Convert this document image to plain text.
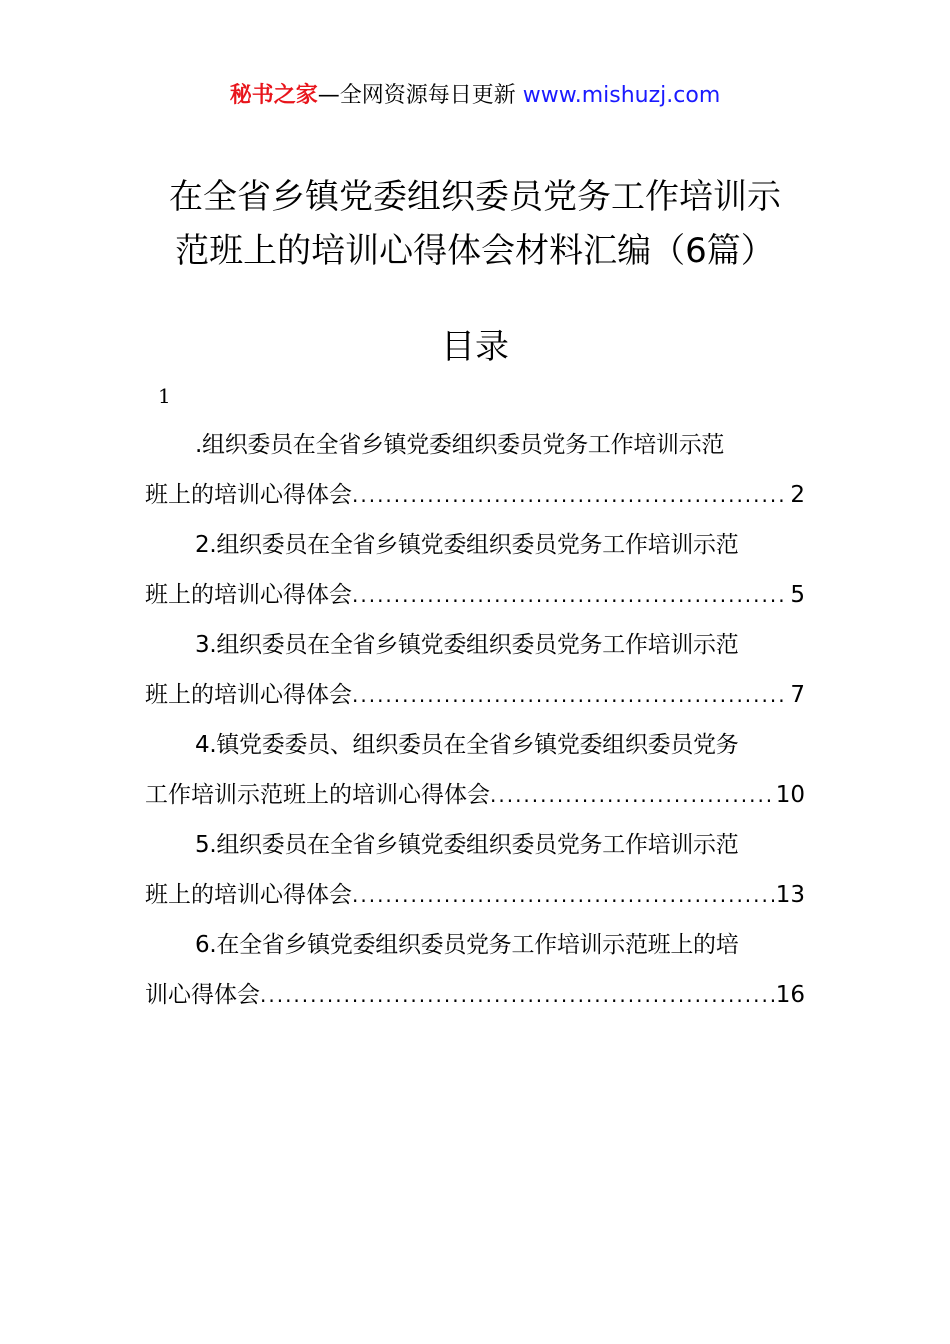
秘书之家—全网资源每日更新 www.mishuzj.com
在全省乡镇党委组织委员党务工作培训示
范班上的培训心得体会材料汇编（6篇）
目录
1
.组织委员在全省乡镇党委组织委员党务工作培训示范
班上的培训心得体会 .....	2
2.组织委员在全省乡镇党委组织委员党务工作培训示范
班上的培训心得体会 .....	5
3.组织委员在全省乡镇党委组织委员党务工作培训示范
班上的培训心得体会 .....	7
4.镇党委委员、组织委员在全省乡镇党委组织委员党务
工作培训示范班上的培训心得体会 .....	10
5.组织委员在全省乡镇党委组织委员党务工作培训示范
班上的培训心得体会 .....	13
6.在全省乡镇党委组织委员党务工作培训示范班上的培
训心得体会 .....	16
